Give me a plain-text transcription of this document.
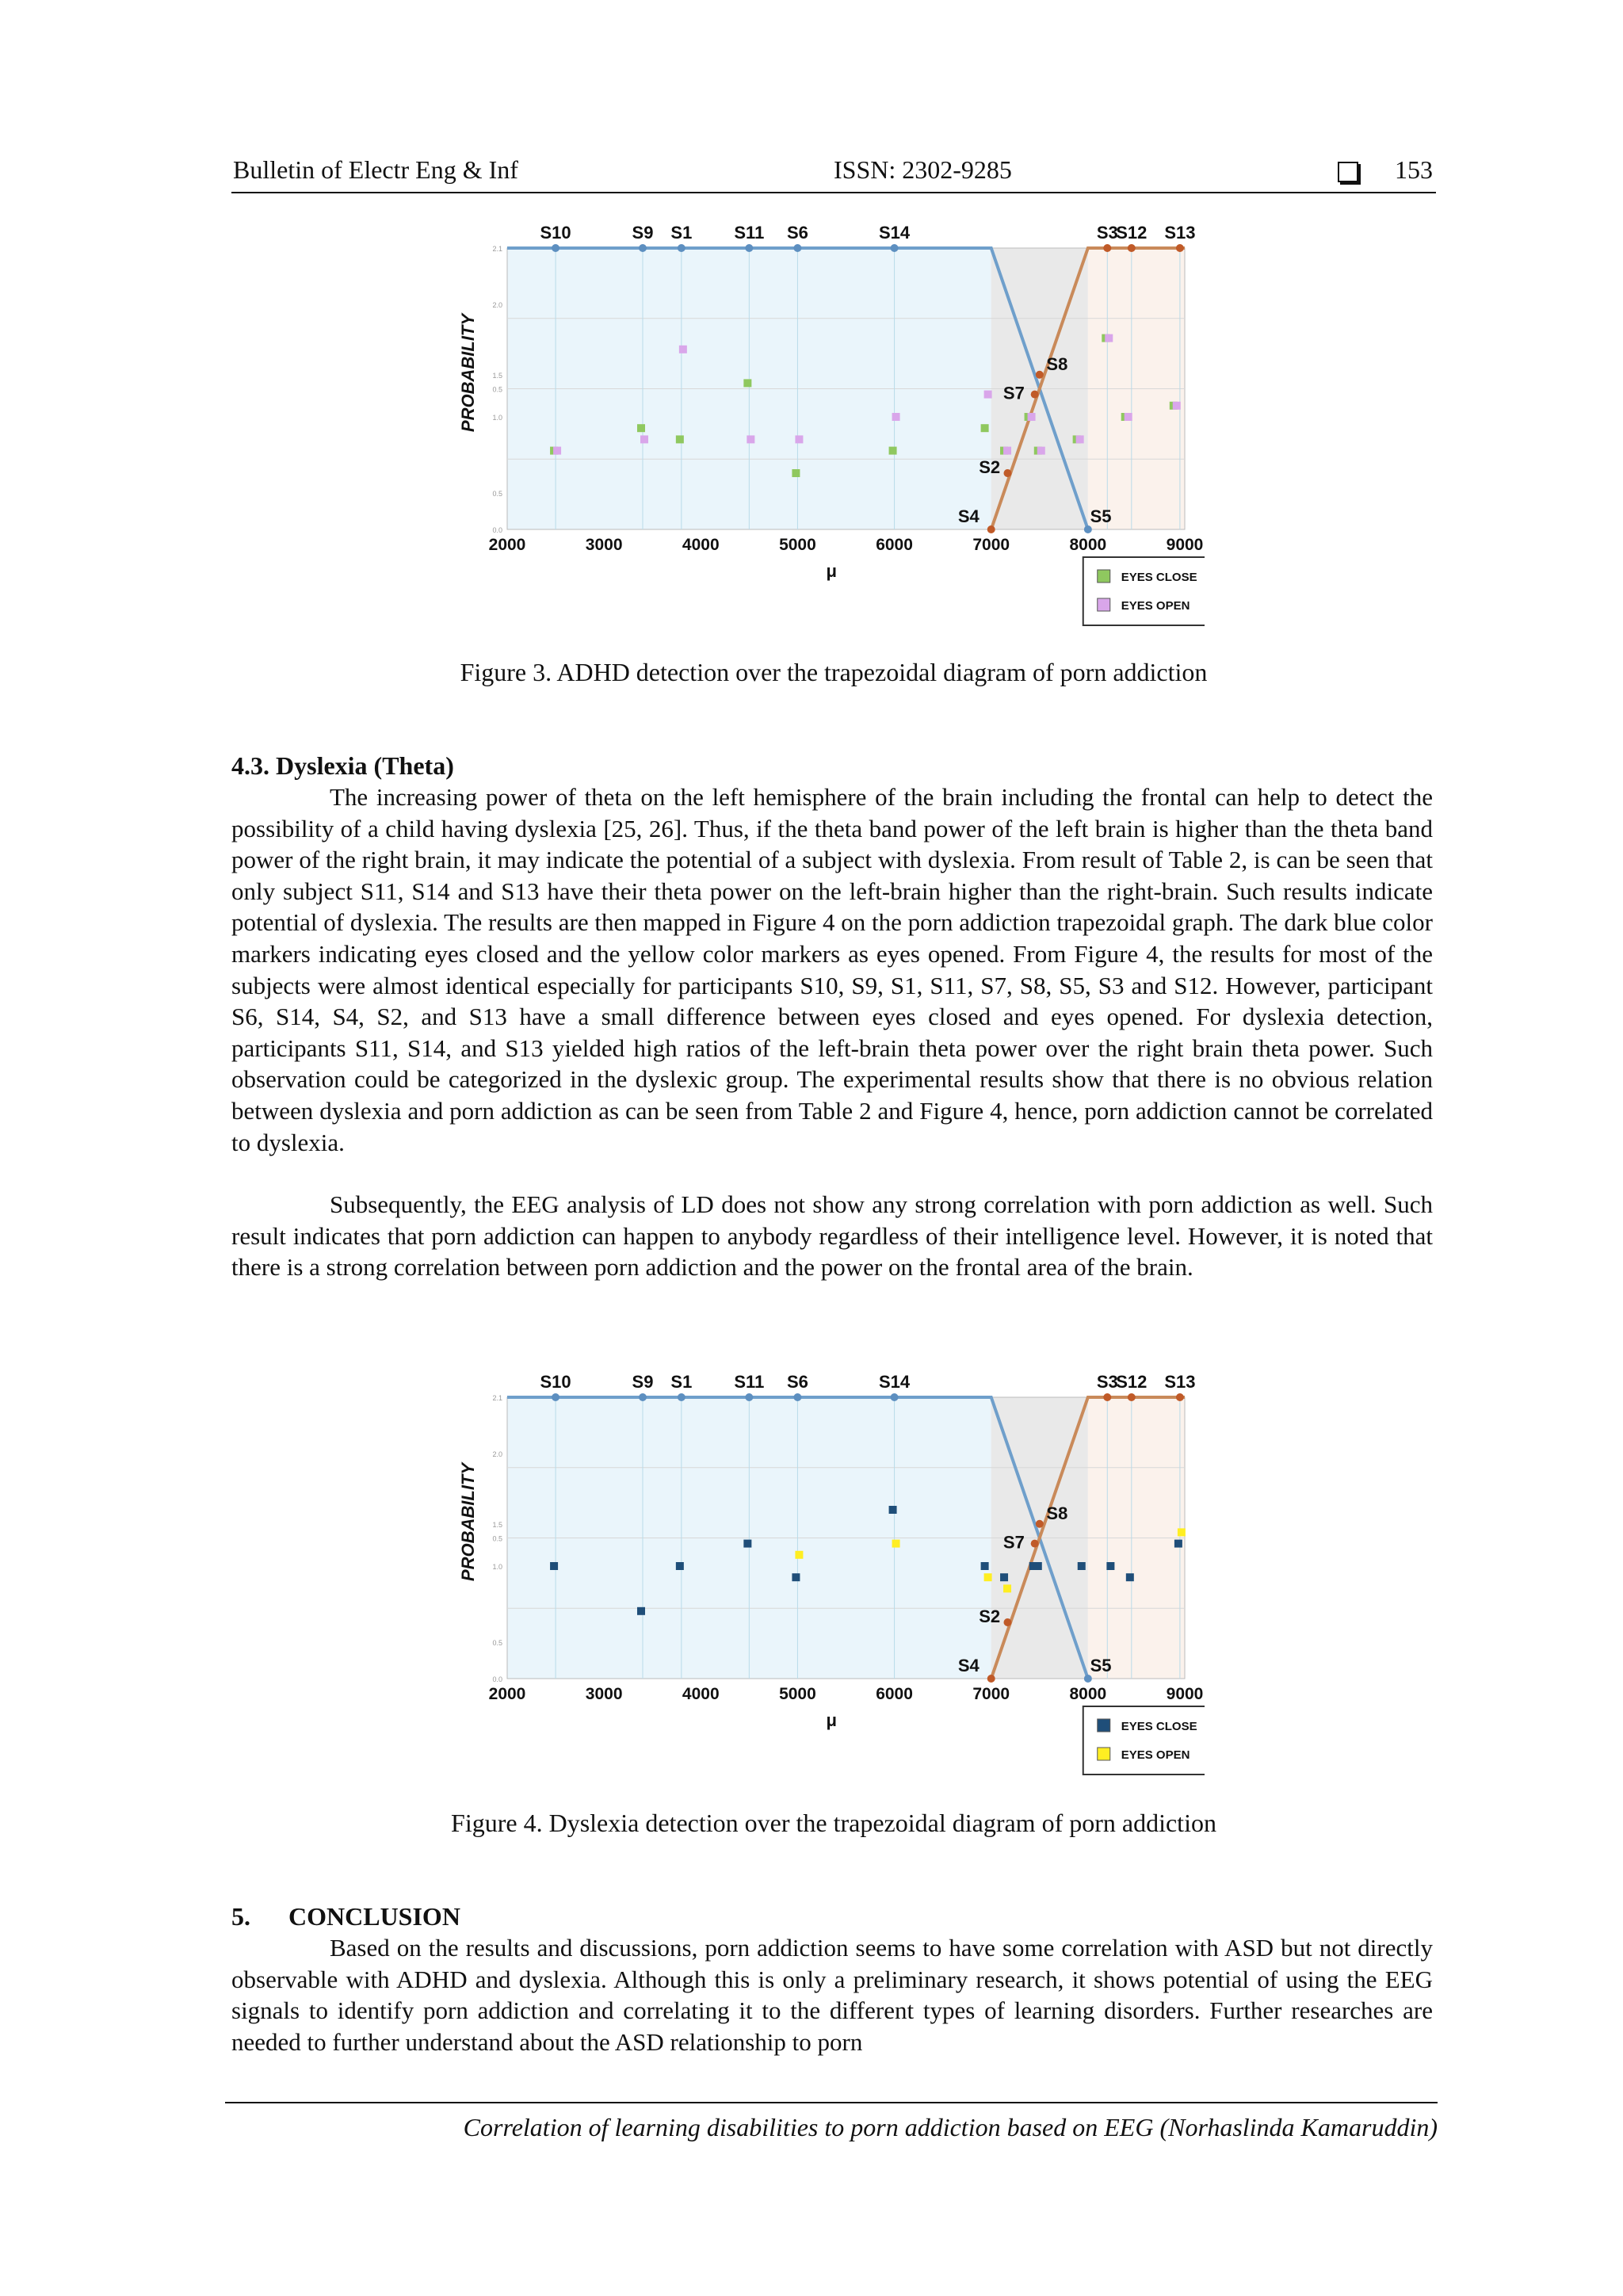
Bulletin of Electr Eng & Inf	ISSN: 2302-9285	153
0.0
0.5
1.0
0.5
1.5
2.0
2.1
S10	S9 S1 S11 S6	S14	S3
S12 S13
S8
S7
S2
S4	S5
2000	3000	4000	5000	6000	7000	8000	9000
μ
PROBABILITY
EYES CLOSE
EYES OPEN
Figure 3. ADHD detection over the trapezoidal diagram of porn addiction
4.3. Dyslexia (Theta)

The increasing power of theta on the left hemisphere of the brain including the frontal can help to detect the possibility of a child having dyslexia [25, 26]. Thus, if the theta band power of the left brain is higher than the theta band power of the right brain, it may indicate the potential of a subject with dyslexia. From result of Table 2, is can be seen that only subject S11, S14 and S13 have their theta power on the left-brain higher than the right-brain. Such results indicate potential of dyslexia. The results are then mapped in Figure 4 on the porn addiction trapezoidal graph. The dark blue color markers indicating eyes closed and the yellow color markers as eyes opened. From Figure 4, the results for most of the subjects were almost identical especially for participants S10, S9, S1, S11, S7, S8, S5, S3 and S12. However, participant S6, S14, S4, S2, and S13 have a small difference between eyes closed and eyes opened. For dyslexia detection, participants S11, S14, and S13 yielded high ratios of the left-brain theta power over the right brain theta power. Such observation could be categorized in the dyslexic group. The experimental results show that there is no obvious relation between dyslexia and porn addiction as can be seen from Table 2 and Figure 4, hence, porn addiction cannot be correlated to dyslexia.

Subsequently, the EEG analysis of LD does not show any strong correlation with porn addiction as well. Such result indicates that porn addiction can happen to anybody regardless of their intelligence level. However, it is noted that there is a strong correlation between porn addiction and the power on the frontal area of the brain.

0.0
0.5
1.0
0.5
1.5
2.0
2.1
S10	S9 S1 S11 S6	S14	S3
S12 S13
S8
S7
S2
S4	S5
2000	3000	4000	5000	6000	7000	8000	9000
μ
PROBABILITY
EYES CLOSE
EYES OPEN
Figure 4. Dyslexia detection over the trapezoidal diagram of porn addiction
5.      CONCLUSION

Based on the results and discussions, porn addiction seems to have some correlation with ASD but not directly observable with ADHD and dyslexia. Although this is only a preliminary research, it shows potential of using the EEG signals to identify porn addiction and correlating it to the different types of learning disorders. Further researches are needed to further understand about the ASD relationship to porn

Correlation of learning disabilities to porn addiction based on EEG (Norhaslinda Kamaruddin)
